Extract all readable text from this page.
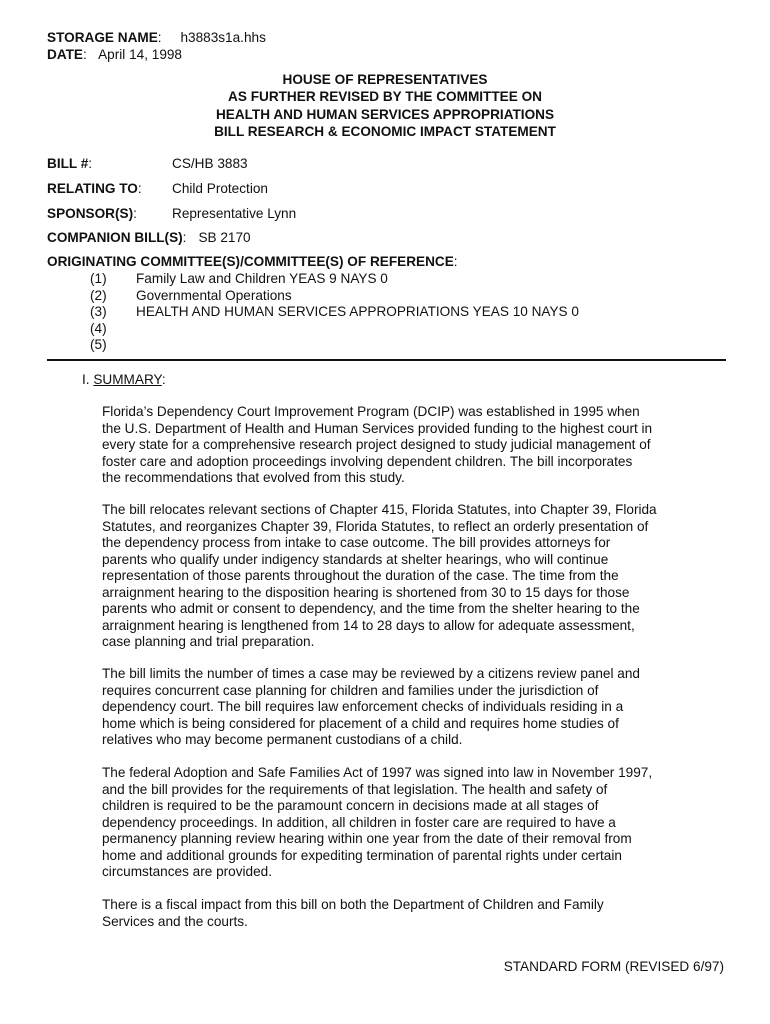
STORAGE NAME:     h3883s1a.hhs
DATE:   April 14, 1998
HOUSE OF REPRESENTATIVES
AS FURTHER REVISED BY THE COMMITTEE ON
HEALTH AND HUMAN SERVICES APPROPRIATIONS
BILL RESEARCH & ECONOMIC IMPACT STATEMENT
BILL #:	CS/HB 3883
RELATING TO: Child Protection
SPONSOR(S):	Representative Lynn
COMPANION BILL(S): SB 2170
ORIGINATING COMMITTEE(S)/COMMITTEE(S) OF REFERENCE:
(1) Family Law and Children YEAS 9 NAYS 0
(2) Governmental Operations
(3) HEALTH AND HUMAN SERVICES APPROPRIATIONS YEAS 10 NAYS 0
(4)
(5)
I. SUMMARY:

Florida’s Dependency Court Improvement Program (DCIP) was established in 1995 when
the U.S. Department of Health and Human Services provided funding to the highest court in
every state for a comprehensive research project designed to study judicial management of
foster care and adoption proceedings involving dependent children. The bill incorporates
the recommendations that evolved from this study.

The bill relocates relevant sections of Chapter 415, Florida Statutes, into Chapter 39, Florida
Statutes, and reorganizes Chapter 39, Florida Statutes, to reflect an orderly presentation of
the dependency process from intake to case outcome. The bill provides attorneys for
parents who qualify under indigency standards at shelter hearings, who will continue
representation of those parents throughout the duration of the case. The time from the
arraignment hearing to the disposition hearing is shortened from 30 to 15 days for those
parents who admit or consent to dependency, and the time from the shelter hearing to the
arraignment hearing is lengthened from 14 to 28 days to allow for adequate assessment,
case planning and trial preparation.

The bill limits the number of times a case may be reviewed by a citizens review panel and
requires concurrent case planning for children and families under the jurisdiction of
dependency court. The bill requires law enforcement checks of individuals residing in a
home which is being considered for placement of a child and requires home studies of
relatives who may become permanent custodians of a child.

The federal Adoption and Safe Families Act of 1997 was signed into law in November 1997,
and the bill provides for the requirements of that legislation. The health and safety of
children is required to be the paramount concern in decisions made at all stages of
dependency proceedings. In addition, all children in foster care are required to have a
permanency planning review hearing within one year from the date of their removal from
home and additional grounds for expediting termination of parental rights under certain
circumstances are provided.

There is a fiscal impact from this bill on both the Department of Children and Family
Services and the courts.

STANDARD FORM (REVISED 6/97)
